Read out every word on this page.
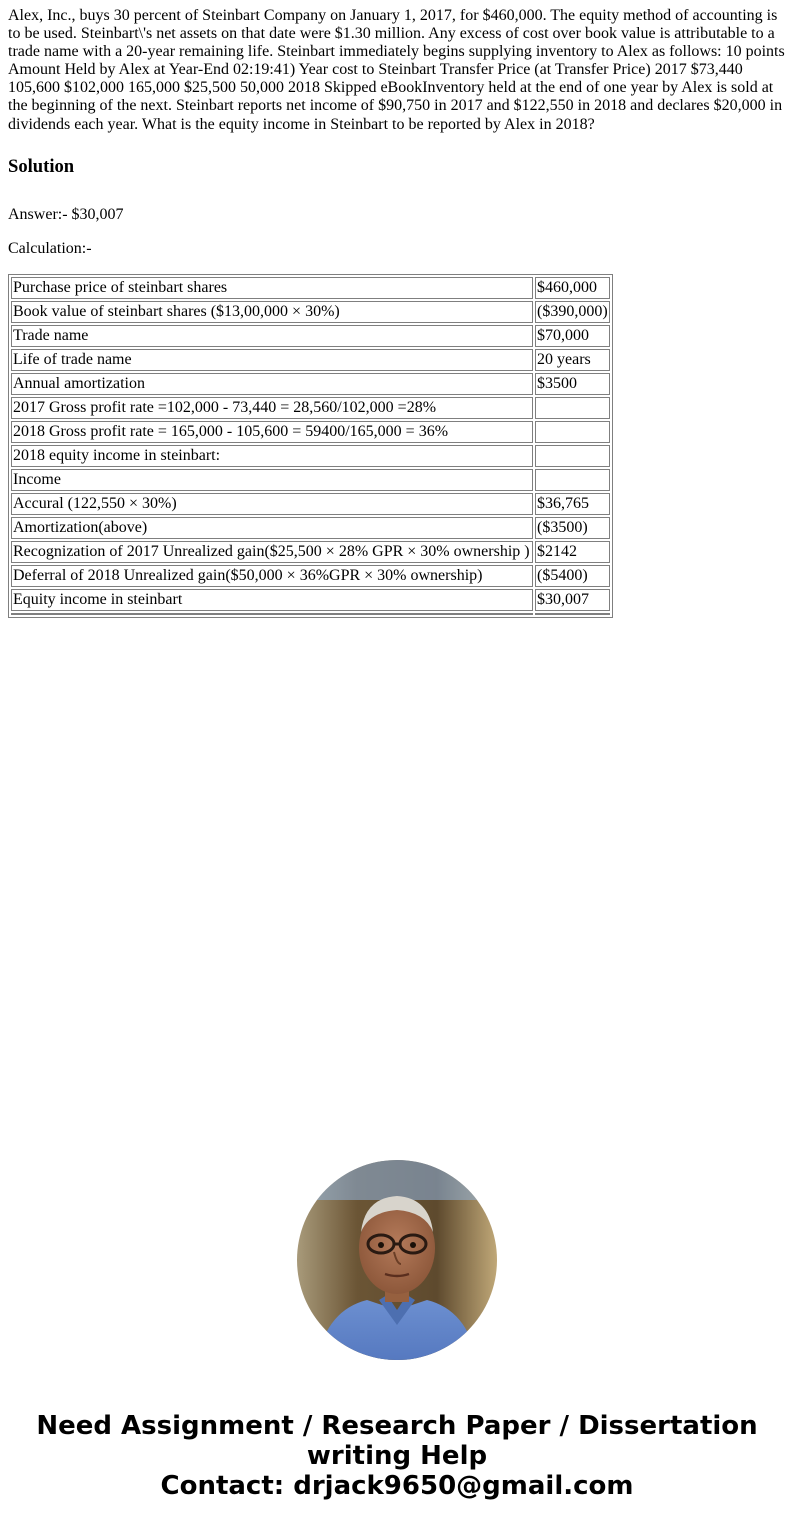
Alex, Inc., buys 30 percent of Steinbart Company on January 1, 2017, for $460,000. The equity method of accounting is to be used. Steinbart\'s net assets on that date were $1.30 million. Any excess of cost over book value is attributable to a trade name with a 20-year remaining life. Steinbart immediately begins supplying inventory to Alex as follows: 10 points Amount Held by Alex at Year-End 02:19:41) Year cost to Steinbart Transfer Price (at Transfer Price) 2017 $73,440 105,600 $102,000 165,000 $25,500 50,000 2018 Skipped eBookInventory held at the end of one year by Alex is sold at the beginning of the next. Steinbart reports net income of $90,750 in 2017 and $122,550 in 2018 and declares $20,000 in dividends each year. What is the equity income in Steinbart to be reported by Alex in 2018?

Solution

Answer:- $30,007

Calculation:-

Purchase price of steinbart shares	$460,000
Book value of steinbart shares ($13,00,000 × 30%)	($390,000)
Trade name	$70,000
Life of trade name	20 years
Annual amortization	$3500
2017 Gross profit rate =102,000 - 73,440 = 28,560/102,000 =28%	
2018 Gross profit rate = 165,000 - 105,600 = 59400/165,000 = 36%	
2018 equity income in steinbart:	
Income	
Accural (122,550 × 30%)	$36,765
Amortization(above)	($3500)
Recognization of 2017 Unrealized gain($25,500 × 28% GPR × 30% ownership )	$2142
Deferral of 2018 Unrealized gain($50,000 × 36%GPR × 30% ownership)	($5400)
Equity income in steinbart	$30,007

Need Assignment / Research Paper / Dissertation
writing Help
Contact: drjack9650@gmail.com
